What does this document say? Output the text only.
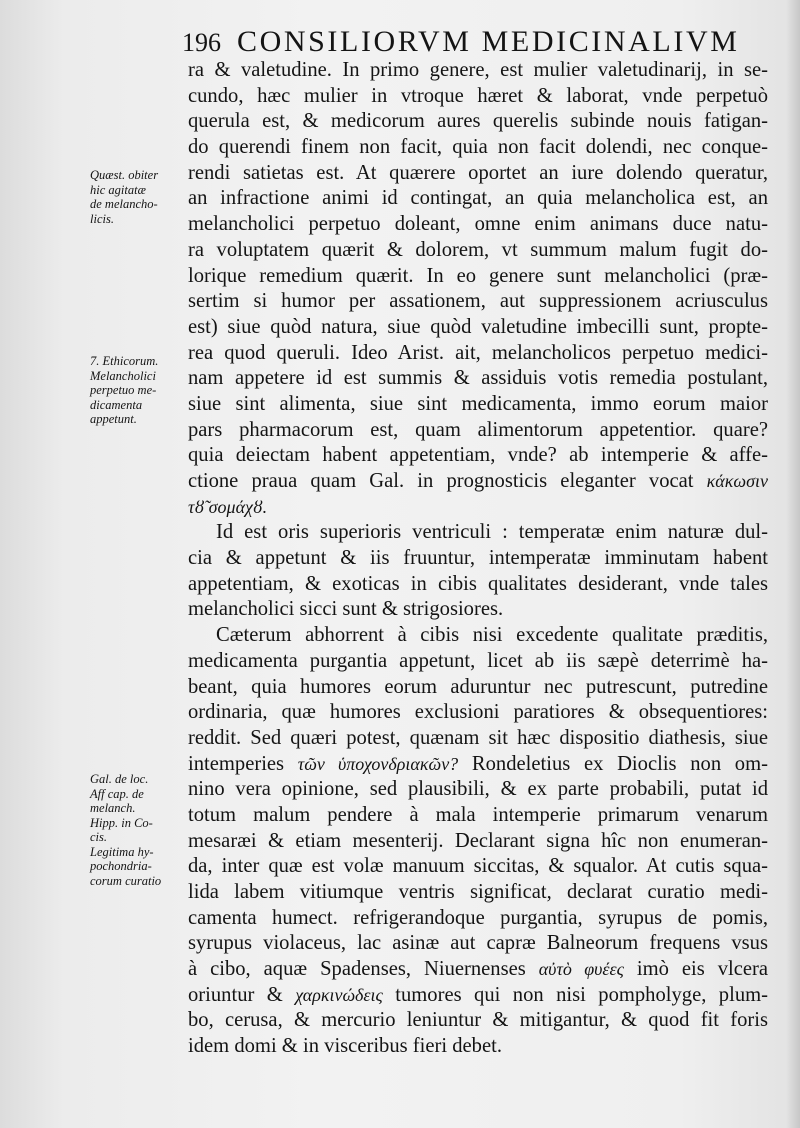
196 CONSILIORVM MEDICINALIVM
Quæst. obiter
hic agitatæ
de melancho-
licis.
7. Ethicorum.
Melancholici
perpetuo me-
dicamenta
appetunt.
Gal. de loc.
Aff cap. de
melanch.
Hipp. in Co-
cis.
Legitima hy-
pochondria-
corum curatio
ra & valetudine. In primo genere, est mulier valetudinarij, in se-
cundo, hæc mulier in vtroque hæret & laborat, vnde perpetuò
querula est, & medicorum aures querelis subinde nouis fatigan-
do querendi finem non facit, quia non facit dolendi, nec conque-
rendi satietas est. At quærere oportet an iure dolendo queratur,
an infractione animi id contingat, an quia melancholica est, an
melancholici perpetuo doleant, omne enim animans duce natu-
ra voluptatem quærit & dolorem, vt summum malum fugit do-
lorique remedium quærit. In eo genere sunt melancholici (præ-
sertim si humor per assationem, aut suppressionem acriusculus
est) siue quòd natura, siue quòd valetudine imbecilli sunt, propte-
rea quod queruli. Ideo Arist. ait, melancholicos perpetuo medici-
nam appetere id est summis & assiduis votis remedia postulant,
siue sint alimenta, siue sint medicamenta, immo eorum maior
pars pharmacorum est, quam alimentorum appetentior. quare?
quia deiectam habent appetentiam, vnde? ab intemperie & affe-
ctione praua quam Gal. in prognosticis eleganter vocat κάκωσιν
τȣ̃ σομάχȣ.
Id est oris superioris ventriculi : temperatæ enim naturæ dul-
cia & appetunt & iis fruuntur, intemperatæ imminutam habent
appetentiam, & exoticas in cibis qualitates desiderant, vnde tales
melancholici sicci sunt & strigosiores.
Cæterum abhorrent à cibis nisi excedente qualitate præditis,
medicamenta purgantia appetunt, licet ab iis sæpè deterrimè ha-
beant, quia humores eorum aduruntur nec putrescunt, putredine
ordinaria, quæ humores exclusioni paratiores & obsequentiores:
reddit. Sed quæri potest, quænam sit hæc dispositio diathesis, siue
intemperies τῶν ὑποχονδριακῶν? Rondeletius ex Dioclis non om-
nino vera opinione, sed plausibili, & ex parte probabili, putat id
totum malum pendere à mala intemperie primarum venarum
mesaræi & etiam mesenterij. Declarant signa hîc non enumeran-
da, inter quæ est volæ manuum siccitas, & squalor. At cutis squa-
lida labem vitiumque ventris significat, declarat curatio medi-
camenta humect. refrigerandoque purgantia, syrupus de pomis,
syrupus violaceus, lac asinæ aut capræ Balneorum frequens vsus
à cibo, aquæ Spadenses, Niuernenses αὐτὸ φυέες imò eis vlcera
oriuntur & χαρκινώδεις tumores qui non nisi pompholyge, plum-
bo, cerusa, & mercurio leniuntur & mitigantur, & quod fit foris
idem domi & in visceribus fieri debet.
